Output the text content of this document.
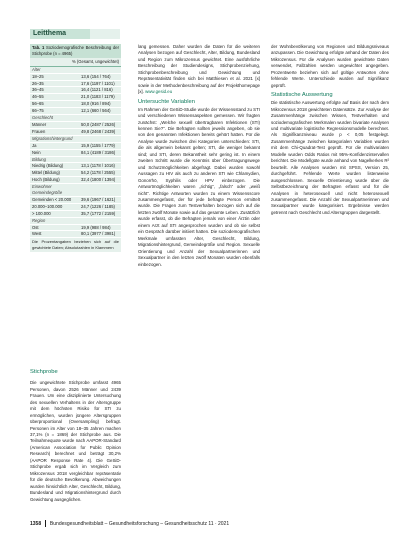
Leitthema
Tab. 1 Soziodemografische Beschreibung der Stichprobe (n = 4965)
% (Gesamt, ungewichtet)
Alter
18–25	13,6 (154 / 764)
26–35	17,6 (1197 / 1101)
36–45	16,4 (1121 / 816)
46–55	21,0 (1183 / 1179)
56–65	18,0 (916 / 894)
66–75	12,1 (660 / 564)
Geschlecht
Männer	50,0 (2487 / 2526)
Frauen	49,8 (2468 / 2439)
Migrationshintergrund
Ja	15,9 (1155 / 1779)
Nein	84,1 (4189 / 3186)
Bildung
Niedrig (Bildung)	13,1 (1178 / 1016)
Mittel (Bildung)	54,2 (1178 / 2555)
Hoch (Bildung)	32,4 (1800 / 1394)
Einwohner Gemeindegröße
Gemeinden < 20.000 39,6 (1967 / 1621)
20.000–100.000	24,7 (1226 / 1185)
> 100.000	35,7 (1772 / 2159)
Region
Ost	19,9 (988 / 984)
West	80,1 (3977 / 3981)
Die Prozentangaben beziehen sich auf die gewichtete Daten; Absolutzahlen in Klammern
Stichprobe

Die ungewichtete Stichprobe umfasst 4965 Personen, davon 2526 Männer und 2439 Frauen. Um eine disziplinierte Untersuchung des sexuellen Verhaltens in der Altersgruppe mit dem höchsten Risiko für STI zu ermöglichen, wurden jüngere Altersgruppen überproportional (Oversampling) befragt. Personen im Alter von 18–35 Jahren machen 37,1% (n = 1869) der Stichprobe aus. Die Teilnahmequote wurde nach AAPOR-Standard (American Association for Public Opinion Research) berechnet und beträgt 30,2% (AAPOR Response Rate 4). Die GeSiD-Stichprobe ergab sich im Vergleich zum Mikrozensus 2018 vergleichbar repräsentativ für die deutsche Bevölkerung. Abweichungen wurden hinsichtlich Alter, Geschlecht, Bildung, Bundesland und Migrationshintergrund durch Gewichtung ausgeglichen.

lang gemessen. Daher wurden die Daten für die weiteren Analysen bezogen auf Geschlecht, Alter, Bildung, Bundesland und Region zum Mikrozensus gewichtet. Eine ausführliche Beschreibung der Studiendesigns, Stichprobenziehung, Stichprobenbeschreibung und Gewichtung und Repräsentativität finden sich bei Matthiesen et al. 2021 [x] sowie in der Methodenbeschreibung auf der Projekthomepage [x]. www.gesid.eu

Untersuchte Variablen

Im Rahmen der GeSiD-Studie wurde der Wissensstand zu STI und verschiedenen Wissensaspekten gemessen. Wir fragten zunächst: „Welche sexuell übertragbaren Infektionen (STI) kennen Sie?“. Die Befragten sollten jeweils angeben, ob sie von den genannten Infektionen bereits gehört hatten. Für die Analyse wurde zwischen drei Kategorien unterschieden: STI, die als allgemein bekannt gelten; STI, die weniger bekannt sind; und STI, deren Bekanntheit sehr gering ist. In einem zweiten Schritt wurde die Kenntnis über Übertragungswege und Schutzmöglichkeiten abgefragt. Dabei wurden sowohl Aussagen zu HIV als auch zu anderen STI wie Chlamydien, Gonorrhö, Syphilis oder HPV einbezogen. Die Antwortmöglichkeiten waren „richtig“, „falsch“ oder „weiß nicht“. Richtige Antworten wurden zu einem Wissensscore zusammengefasst, der für jede befragte Person ermittelt wurde. Die Fragen zum Testverhalten bezogen sich auf die letzten zwölf Monate sowie auf das gesamte Leben. Zusätzlich wurde erfasst, ob die Befragten jemals von einer Ärztin oder einem Arzt auf STI angesprochen wurden und ob sie selbst ein Gespräch darüber initiiert hatten. Die soziodemografischen Merkmale umfassten Alter, Geschlecht, Bildung, Migrationshintergrund, Gemeindegröße und Region. Sexuelle Orientierung und Anzahl der Sexualpartnerinnen und Sexualpartner in den letzten zwölf Monaten wurden ebenfalls einbezogen.

der Wohnbevölkerung von Regionen und Bildungsniveaus anzupassen. Die Gewichtung erfolgte anhand der Daten des Mikrozensus. Für die Analysen wurden gewichtete Daten verwendet, Fallzahlen werden ungewichtet angegeben. Prozentwerte beziehen sich auf gültige Antworten ohne fehlende Werte. Unterschiede wurden auf Signifikanz geprüft.

Statistische Auswertung

Die statistische Auswertung erfolgte auf Basis der nach dem Mikrozensus 2018 gewichteten Datensätze. Zur Analyse der Zusammenhänge zwischen Wissen, Testverhalten und soziodemografischen Merkmalen wurden bivariate Analysen und multivariate logistische Regressionsmodelle berechnet. Als Signifikanzniveau wurde p < 0,05 festgelegt. Zusammenhänge zwischen kategorialen Variablen wurden mit dem Chi-Quadrat-Test geprüft. Für die multivariaten Modelle wurden Odds Ratios mit 95%-Konfidenzintervallen berichtet. Die Modellgüte wurde anhand von Nagelkerkes R² beurteilt. Alle Analysen wurden mit SPSS, Version 25, durchgeführt. Fehlende Werte wurden listenweise ausgeschlossen. Sexuelle Orientierung wurde über die Selbstbezeichnung der Befragten erfasst und für die Analysen in heterosexuell und nicht heterosexuell zusammengefasst. Die Anzahl der Sexualpartnerinnen und Sexualpartner wurde kategorisiert. Ergebnisse werden getrennt nach Geschlecht und Altersgruppen dargestellt.

1358 Bundesgesundheitsblatt – Gesundheitsforschung – Gesundheitsschutz 11 · 2021
